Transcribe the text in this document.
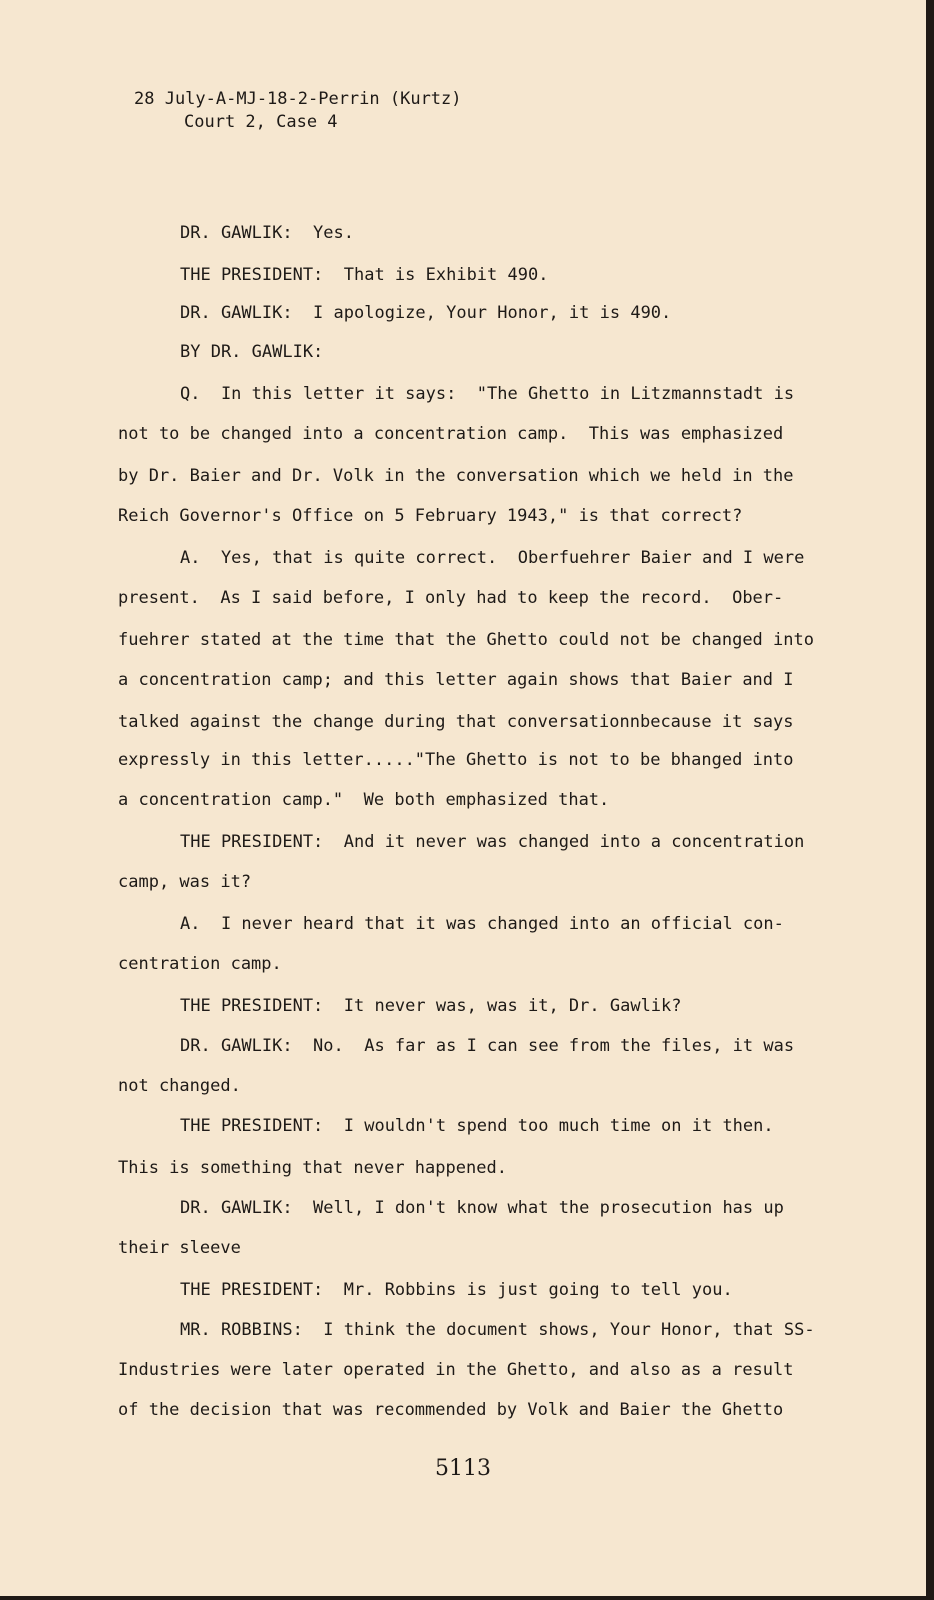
28 July-A-MJ-18-2-Perrin (Kurtz)
Court 2, Case 4
DR. GAWLIK:  Yes.
THE PRESIDENT:  That is Exhibit 490.
DR. GAWLIK:  I apologize, Your Honor, it is 490.
BY DR. GAWLIK:
Q.  In this letter it says:  "The Ghetto in Litzmannstadt is
not to be changed into a concentration camp.  This was emphasized
by Dr. Baier and Dr. Volk in the conversation which we held in the
Reich Governor's Office on 5 February 1943," is that correct?
A.  Yes, that is quite correct.  Oberfuehrer Baier and I were
present.  As I said before, I only had to keep the record.  Ober-
fuehrer stated at the time that the Ghetto could not be changed into
a concentration camp; and this letter again shows that Baier and I
talked against the change during that conversationnbecause it says
expressly in this letter....."The Ghetto is not to be bhanged into
a concentration camp."  We both emphasized that.
THE PRESIDENT:  And it never was changed into a concentration
camp, was it?
A.  I never heard that it was changed into an official con-
centration camp.
THE PRESIDENT:  It never was, was it, Dr. Gawlik?
DR. GAWLIK:  No.  As far as I can see from the files, it was
not changed.
THE PRESIDENT:  I wouldn't spend too much time on it then.
This is something that never happened.
DR. GAWLIK:  Well, I don't know what the prosecution has up
their sleeve
THE PRESIDENT:  Mr. Robbins is just going to tell you.
MR. ROBBINS:  I think the document shows, Your Honor, that SS-
Industries were later operated in the Ghetto, and also as a result
of the decision that was recommended by Volk and Baier the Ghetto
5113
